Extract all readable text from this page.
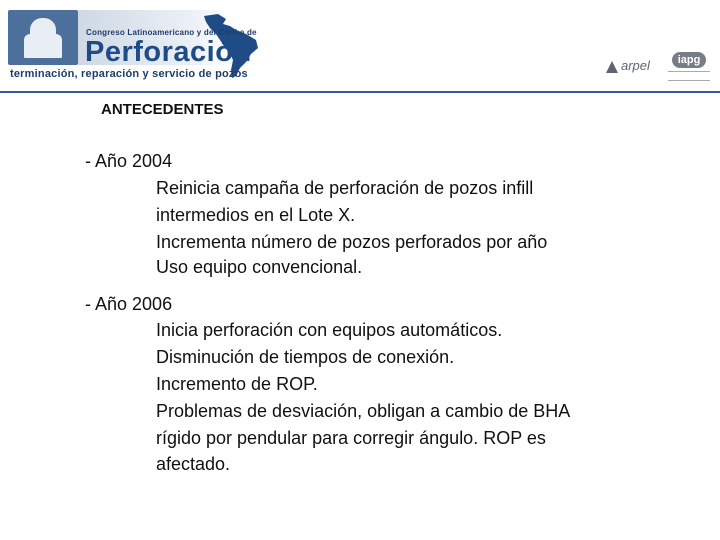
Congreso Latinoamericano y del Caribe de
Perforación
terminación, reparación y servicio de pozos
arpel	iapg
ANTECEDENTES
- Año 2004
Reinicia campaña de perforación de pozos infill
intermedios en el Lote X.
Incrementa número de pozos perforados por año
Uso equipo convencional.
- Año 2006
Inicia perforación con equipos automáticos.
Disminución de tiempos de conexión.
Incremento de ROP.
Problemas de desviación, obligan a cambio de BHA
rígido por pendular para corregir ángulo. ROP es
afectado.
